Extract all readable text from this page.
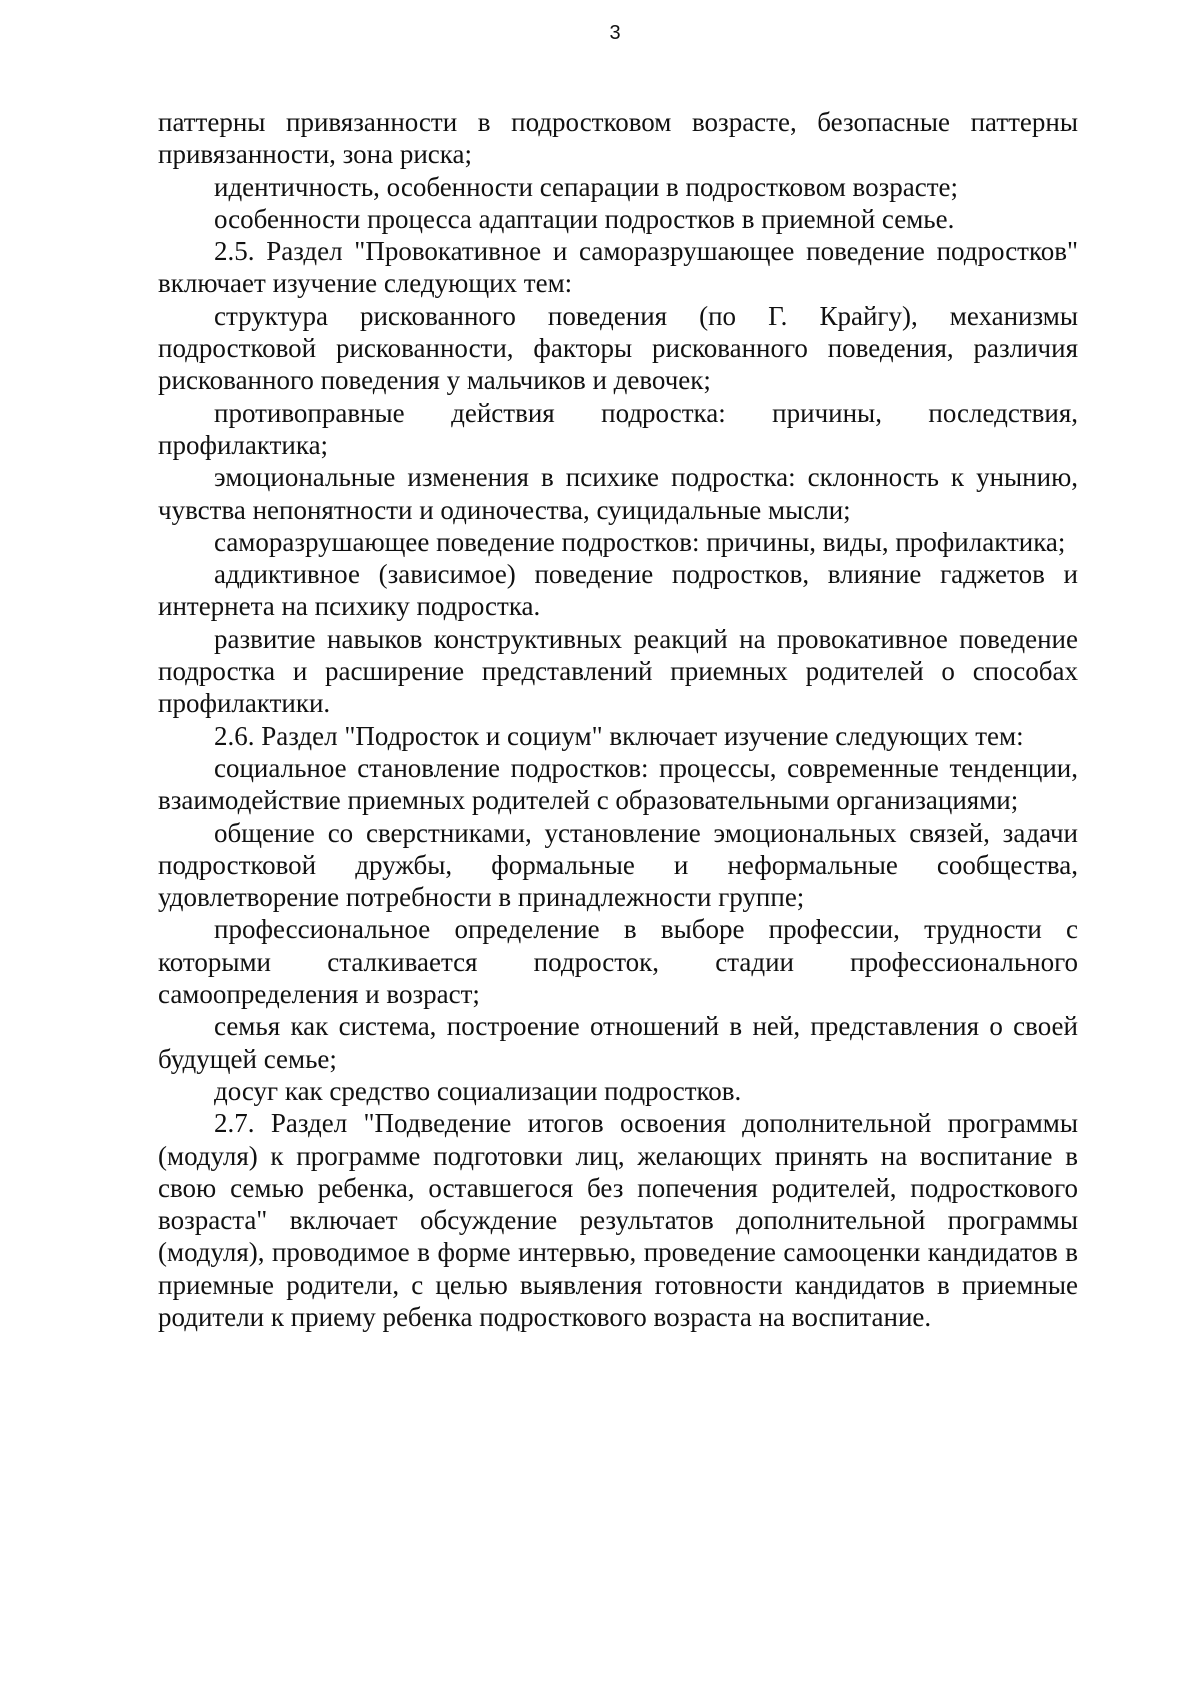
3

паттерны привязанности в подростковом возрасте, безопасные паттерны привязанности, зона риска;

идентичность, особенности сепарации в подростковом возрасте;

особенности процесса адаптации подростков в приемной семье.

2.5. Раздел "Провокативное и саморазрушающее поведение подростков" включает изучение следующих тем:

структура рискованного поведения (по Г. Крайгу), механизмы подростковой рискованности, факторы рискованного поведения, различия рискованного поведения у мальчиков и девочек;

противоправные действия подростка: причины, последствия, профилактика;

эмоциональные изменения в психике подростка: склонность к унынию, чувства непонятности и одиночества, суицидальные мысли;

саморазрушающее поведение подростков: причины, виды, профилактика;

аддиктивное (зависимое) поведение подростков, влияние гаджетов и интернета на психику подростка.

развитие навыков конструктивных реакций на провокативное поведение подростка и расширение представлений приемных родителей о способах профилактики.

2.6. Раздел "Подросток и социум" включает изучение следующих тем:

социальное становление подростков: процессы, современные тенденции, взаимодействие приемных родителей с образовательными организациями;

общение со сверстниками, установление эмоциональных связей, задачи подростковой дружбы, формальные и неформальные сообщества, удовлетворение потребности в принадлежности группе;

профессиональное определение в выборе профессии, трудности с которыми сталкивается подросток, стадии профессионального самоопределения и возраст;

семья как система, построение отношений в ней, представления о своей будущей семье;

досуг как средство социализации подростков.

2.7. Раздел "Подведение итогов освоения дополнительной программы (модуля) к программе подготовки лиц, желающих принять на воспитание в свою семью ребенка, оставшегося без попечения родителей, подросткового возраста" включает обсуждение результатов дополнительной программы (модуля), проводимое в форме интервью, проведение самооценки кандидатов в приемные родители, с целью выявления готовности кандидатов в приемные родители к приему ребенка подросткового возраста на воспитание.
